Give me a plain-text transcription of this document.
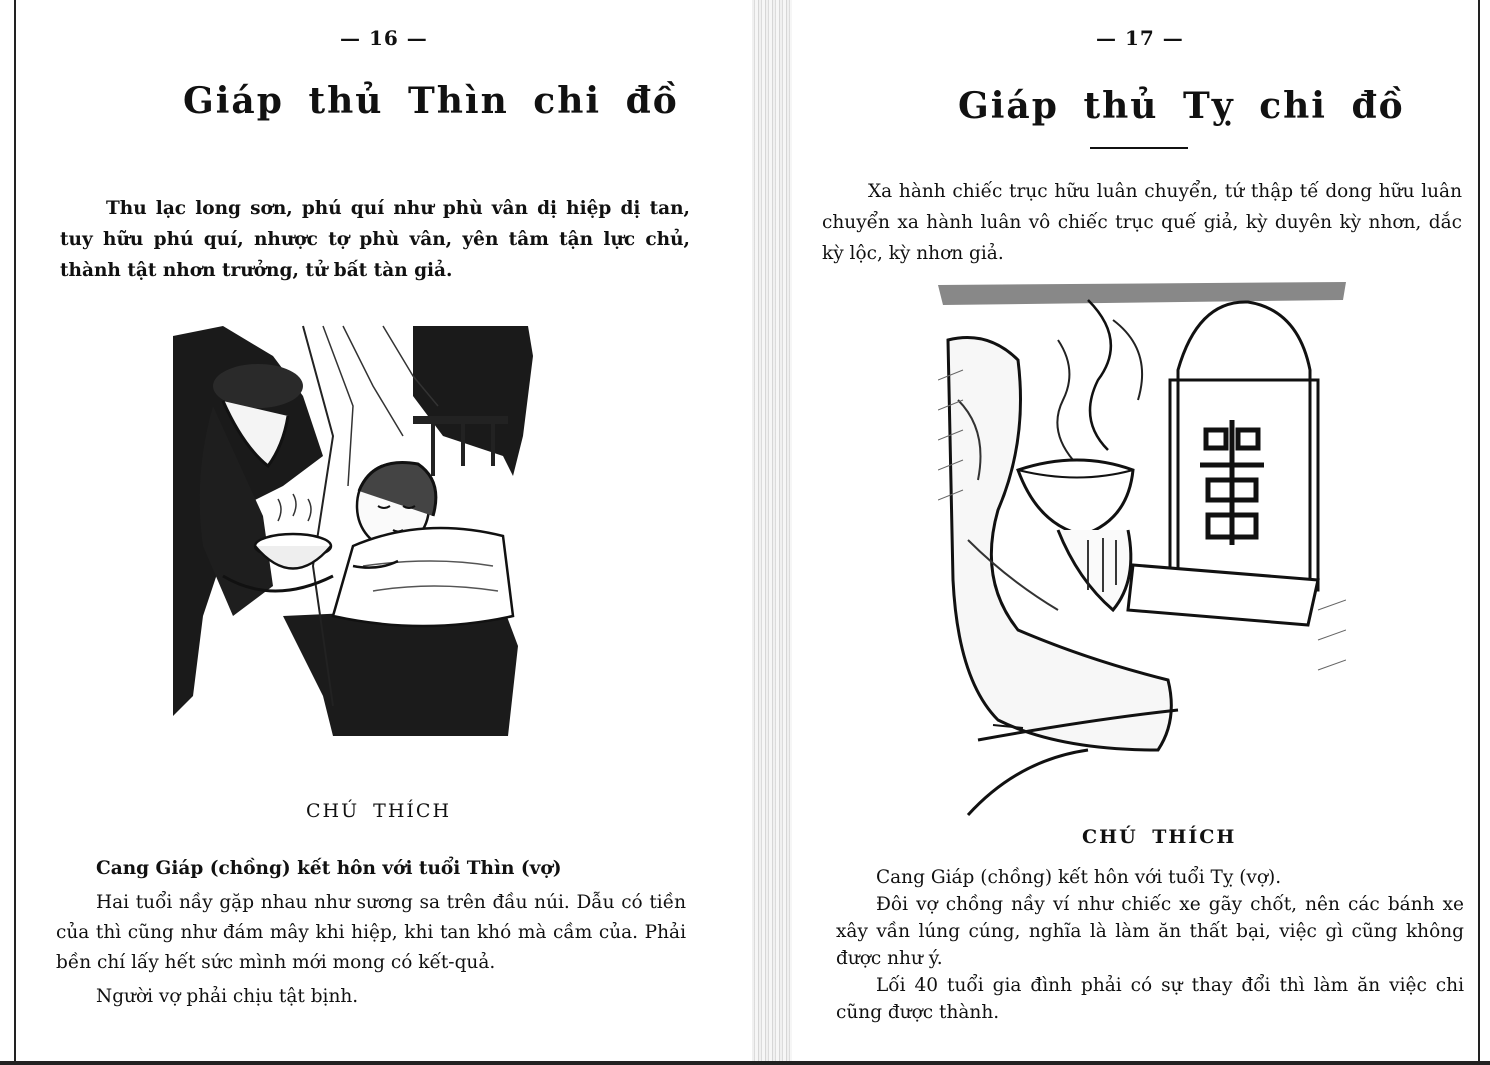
— 16 —
Giáp thủ Thìn chi đồ
Thu lạc long sơn, phú quí như phù vân dị hiệp dị tan, tuy hữu phú quí, nhược tợ phù vân, yên tâm tận lực chủ, thành tật nhơn trưởng, tử bất tàn giả.
CHÚ THÍCH

Cang Giáp (chồng) kết hôn với tuổi Thìn (vợ)

Hai tuổi nầy gặp nhau như sương sa trên đầu núi. Dẫu có tiền của thì cũng như đám mây khi hiệp, khi tan khó mà cầm của. Phải bền chí lấy hết sức mình mới mong có kết-quả.

Người vợ phải chịu tật bịnh.

— 17 —
Giáp thủ Tỵ chi đồ
Xa hành chiếc trục hữu luân chuyển, tứ thập tế dong hữu luân chuyển xa hành luân vô chiếc trục quế giả, kỳ duyên kỳ nhơn, dắc kỳ lộc, kỳ nhơn giả.
CHÚ THÍCH

Cang Giáp (chồng) kết hôn với tuổi Tỵ (vợ).

Đôi vợ chồng nầy ví như chiếc xe gãy chốt, nên các bánh xe xây vần lúng cúng, nghĩa là làm ăn thất bại, việc gì cũng không được như ý.

Lối 40 tuổi gia đình phải có sự thay đổi thì làm ăn việc chi cũng được thành.
